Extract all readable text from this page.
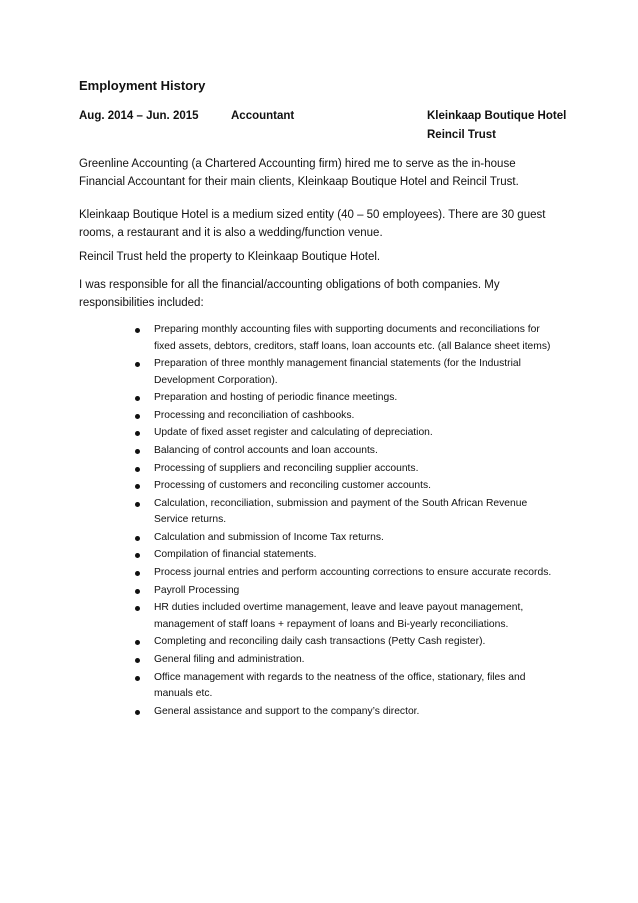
Employment History
Aug. 2014 – Jun. 2015	Accountant	Kleinkaap Boutique Hotel
Reincil Trust

Greenline Accounting (a Chartered Accounting firm) hired me to serve as the in-house Financial Accountant for their main clients, Kleinkaap Boutique Hotel and Reincil Trust.

Kleinkaap Boutique Hotel is a medium sized entity (40 – 50 employees). There are 30 guest rooms, a restaurant and it is also a wedding/function venue.

Reincil Trust held the property to Kleinkaap Boutique Hotel.

I was responsible for all the financial/accounting obligations of both companies. My responsibilities included:

Preparing monthly accounting files with supporting documents and reconciliations for fixed assets, debtors, creditors, staff loans, loan accounts etc. (all Balance sheet items)
Preparation of three monthly management financial statements (for the Industrial Development Corporation).
Preparation and hosting of periodic finance meetings.
Processing and reconciliation of cashbooks.
Update of fixed asset register and calculating of depreciation.
Balancing of control accounts and loan accounts.
Processing of suppliers and reconciling supplier accounts.
Processing of customers and reconciling customer accounts.
Calculation, reconciliation, submission and payment of the South African Revenue Service returns.
Calculation and submission of Income Tax returns.
Compilation of financial statements.
Process journal entries and perform accounting corrections to ensure accurate records.
Payroll Processing
HR duties included overtime management, leave and leave payout management, management of staff loans + repayment of loans and Bi-yearly reconciliations.
Completing and reconciling daily cash transactions (Petty Cash register).
General filing and administration.
Office management with regards to the neatness of the office, stationary, files and manuals etc.
General assistance and support to the company’s director.
